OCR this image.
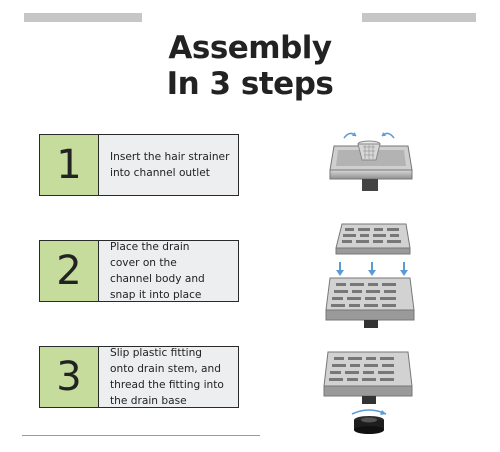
Assembly
In 3 steps
1	Insert the hair strainer
into channel outlet
2
Place the drain
cover on the
channel body and
snap it into place
3
Slip plastic fitting
onto drain stem, and
thread the fitting into
the drain base
